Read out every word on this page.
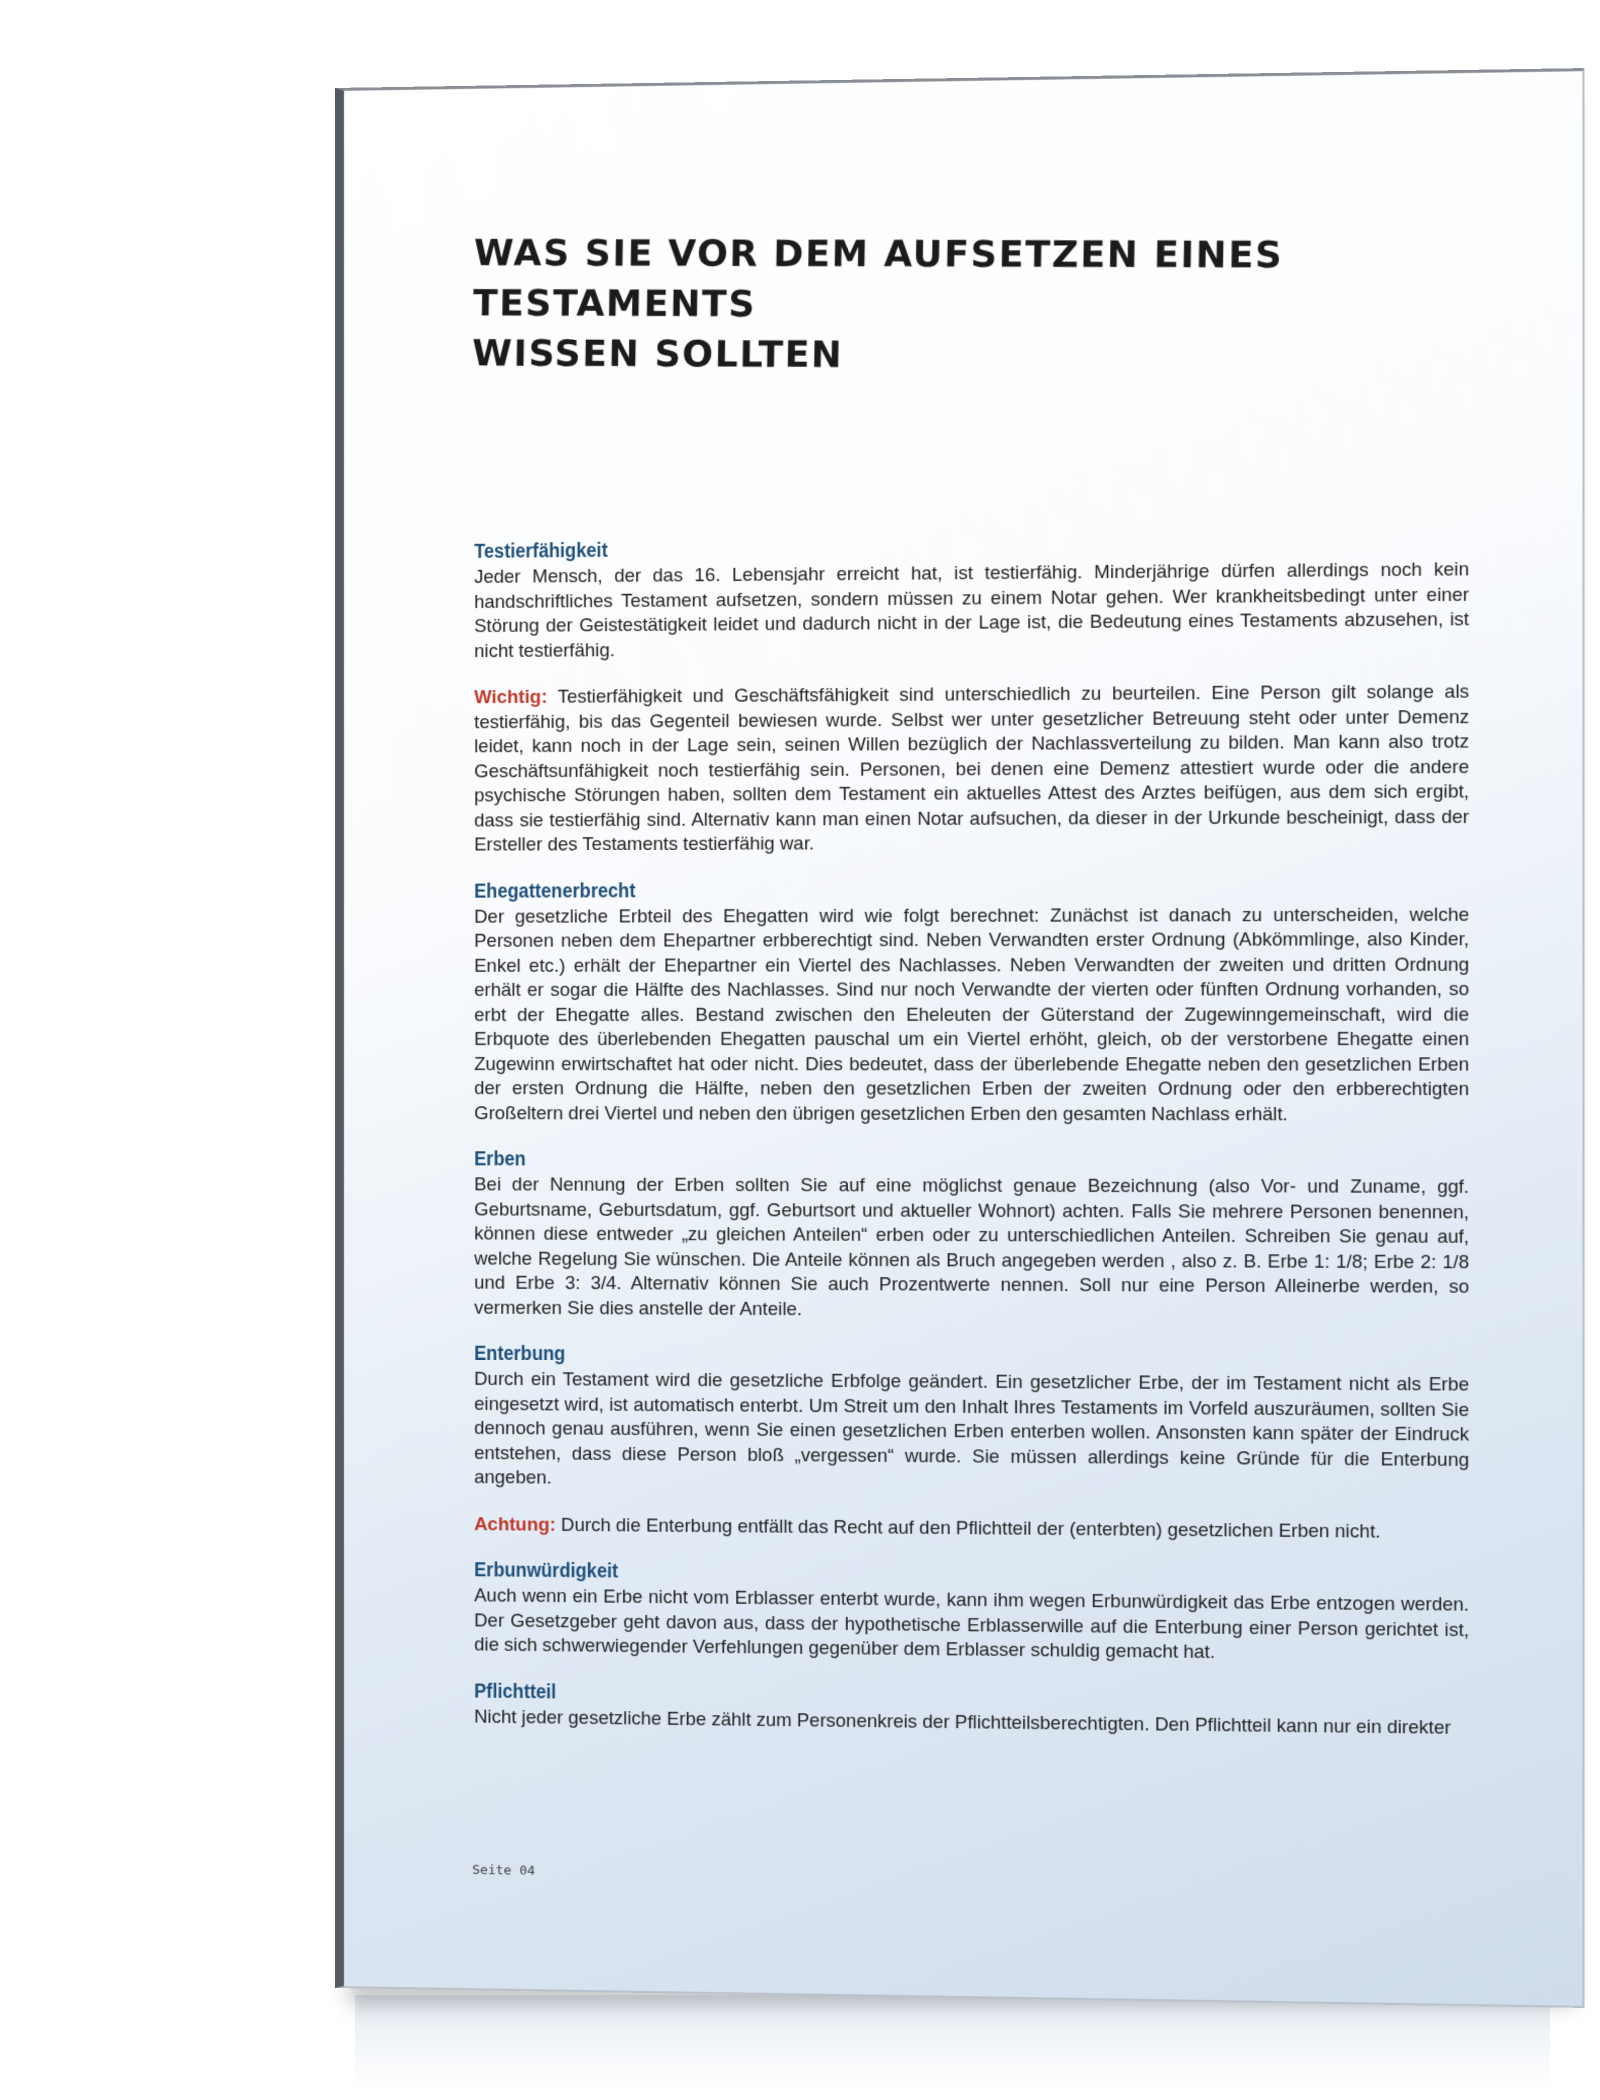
WAS SIE VOR DEM AUFSETZEN EINES TESTAMENTS
WISSEN SOLLTEN
Testierfähigkeit

Jeder Mensch, der das 16. Lebensjahr erreicht hat, ist testierfähig. Minderjährige dürfen allerdings noch kein handschriftliches Testament aufsetzen, sondern müssen zu einem Notar gehen. Wer krankheitsbedingt unter einer Störung der Geistestätigkeit leidet und dadurch nicht in der Lage ist, die Bedeutung eines Testaments abzusehen, ist nicht testierfähig.

Wichtig: Testierfähigkeit und Geschäftsfähigkeit sind unterschiedlich zu beurteilen. Eine Person gilt solange als testierfähig, bis das Gegenteil bewiesen wurde. Selbst wer unter gesetzlicher Betreuung steht oder unter Demenz leidet, kann noch in der Lage sein, seinen Willen bezüglich der Nachlassverteilung zu bilden. Man kann also trotz Geschäftsunfähigkeit noch testierfähig sein. Personen, bei denen eine Demenz attestiert wurde oder die andere psychische Störungen haben, sollten dem Testament ein aktuelles Attest des Arztes beifügen, aus dem sich ergibt, dass sie testierfähig sind. Alternativ kann man einen Notar aufsuchen, da dieser in der Urkunde bescheinigt, dass der Ersteller des Testaments testierfähig war.

Ehegattenerbrecht

Der gesetzliche Erbteil des Ehegatten wird wie folgt berechnet: Zunächst ist danach zu unterscheiden, welche Personen neben dem Ehepartner erbberechtigt sind. Neben Verwandten erster Ordnung (Abkömmlinge, also Kinder, Enkel etc.) erhält der Ehepartner ein Viertel des Nachlasses. Neben Verwandten der zweiten und dritten Ordnung erhält er sogar die Hälfte des Nachlasses. Sind nur noch Verwandte der vierten oder fünften Ordnung vorhanden, so erbt der Ehegatte alles. Bestand zwischen den Eheleuten der Güterstand der Zugewinngemeinschaft, wird die Erbquote des überlebenden Ehegatten pauschal um ein Viertel erhöht, gleich, ob der verstorbene Ehegatte einen Zugewinn erwirtschaftet hat oder nicht. Dies bedeutet, dass der überlebende Ehegatte neben den gesetzlichen Erben der ersten Ordnung die Hälfte, neben den gesetzlichen Erben der zweiten Ordnung oder den erbberechtigten Großeltern drei Viertel und neben den übrigen gesetzlichen Erben den gesamten Nachlass erhält.

Erben

Bei der Nennung der Erben sollten Sie auf eine möglichst genaue Bezeichnung (also Vor- und Zuname, ggf. Geburtsname, Geburtsdatum, ggf. Geburtsort und aktueller Wohnort) achten. Falls Sie mehrere Personen benennen, können diese entweder „zu gleichen Anteilen“ erben oder zu unterschiedlichen Anteilen. Schreiben Sie genau auf, welche Regelung Sie wünschen. Die Anteile können als Bruch angegeben werden , also z. B. Erbe 1: 1/8; Erbe 2: 1/8 und Erbe 3: 3/4. Alternativ können Sie auch Prozentwerte nennen. Soll nur eine Person Alleinerbe werden, so vermerken Sie dies anstelle der Anteile.

Enterbung

Durch ein Testament wird die gesetzliche Erbfolge geändert. Ein gesetzlicher Erbe, der im Testament nicht als Erbe eingesetzt wird, ist automatisch enterbt. Um Streit um den Inhalt Ihres Testaments im Vorfeld auszuräumen, sollten Sie dennoch genau ausführen, wenn Sie einen gesetzlichen Erben enterben wollen. Ansonsten kann später der Eindruck entstehen, dass diese Person bloß „vergessen“ wurde. Sie müssen allerdings keine Gründe für die Enterbung angeben.

Achtung: Durch die Enterbung entfällt das Recht auf den Pflichtteil der (enterbten) gesetzlichen Erben nicht.

Erbunwürdigkeit

Auch wenn ein Erbe nicht vom Erblasser enterbt wurde, kann ihm wegen Erbunwürdigkeit das Erbe entzogen werden. Der Gesetzgeber geht davon aus, dass der hypothetische Erblasserwille auf die Enterbung einer Person gerichtet ist, die sich schwerwiegender Verfehlungen gegenüber dem Erblasser schuldig gemacht hat.

Pflichtteil

Nicht jeder gesetzliche Erbe zählt zum Personenkreis der Pflichtteilsberechtigten. Den Pflichtteil kann nur ein direkter

Seite 04
